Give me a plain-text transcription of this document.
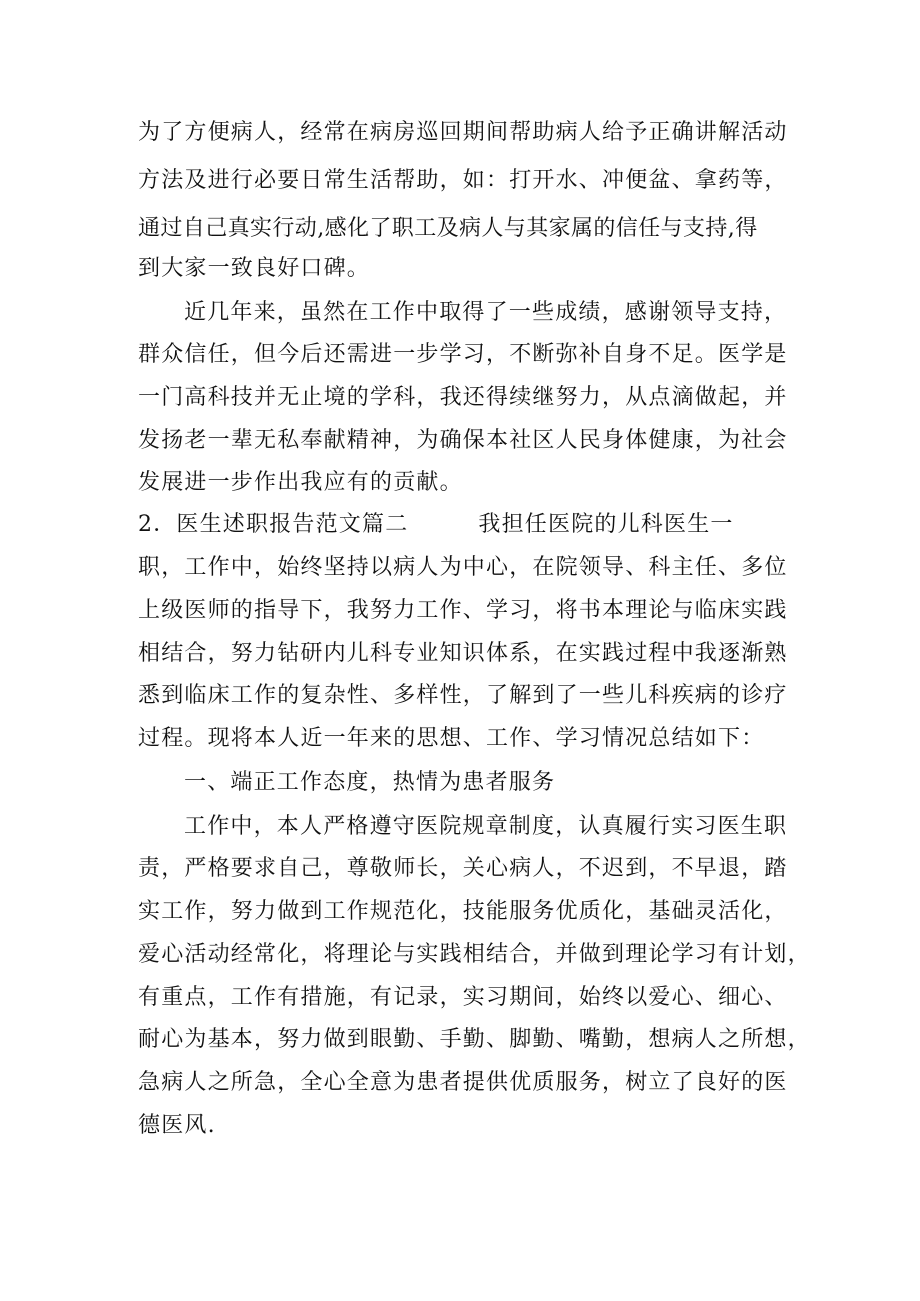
为了方便病人，经常在病房巡回期间帮助病人给予正确讲解活动
方法及进行必要日常生活帮助，如：打开水、冲便盆、拿药等，
通过自己真实行动,感化了职工及病人与其家属的信任与支持,得
到大家一致良好口碑。
近几年来，虽然在工作中取得了一些成绩，感谢领导支持，
群众信任，但今后还需进一步学习，不断弥补自身不足。医学是
一门高科技并无止境的学科，我还得续继努力，从点滴做起，并
发扬老一辈无私奉献精神，为确保本社区人民身体健康，为社会
发展进一步作出我应有的贡献。
2．医生述职报告范文篇二	我担任医院的儿科医生一
职，工作中，始终坚持以病人为中心，在院领导、科主任、多位
上级医师的指导下，我努力工作、学习，将书本理论与临床实践
相结合，努力钻研内儿科专业知识体系，在实践过程中我逐渐熟
悉到临床工作的复杂性、多样性，了解到了一些儿科疾病的诊疗
过程。现将本人近一年来的思想、工作、学习情况总结如下：
一、端正工作态度，热情为患者服务
工作中，本人严格遵守医院规章制度，认真履行实习医生职
责，严格要求自己，尊敬师长，关心病人，不迟到，不早退，踏
实工作，努力做到工作规范化，技能服务优质化，基础灵活化，
爱心活动经常化，将理论与实践相结合，并做到理论学习有计划，
有重点，工作有措施，有记录，实习期间，始终以爱心、细心、
耐心为基本，努力做到眼勤、手勤、脚勤、嘴勤，想病人之所想，
急病人之所急，全心全意为患者提供优质服务，树立了良好的医
德医风.
